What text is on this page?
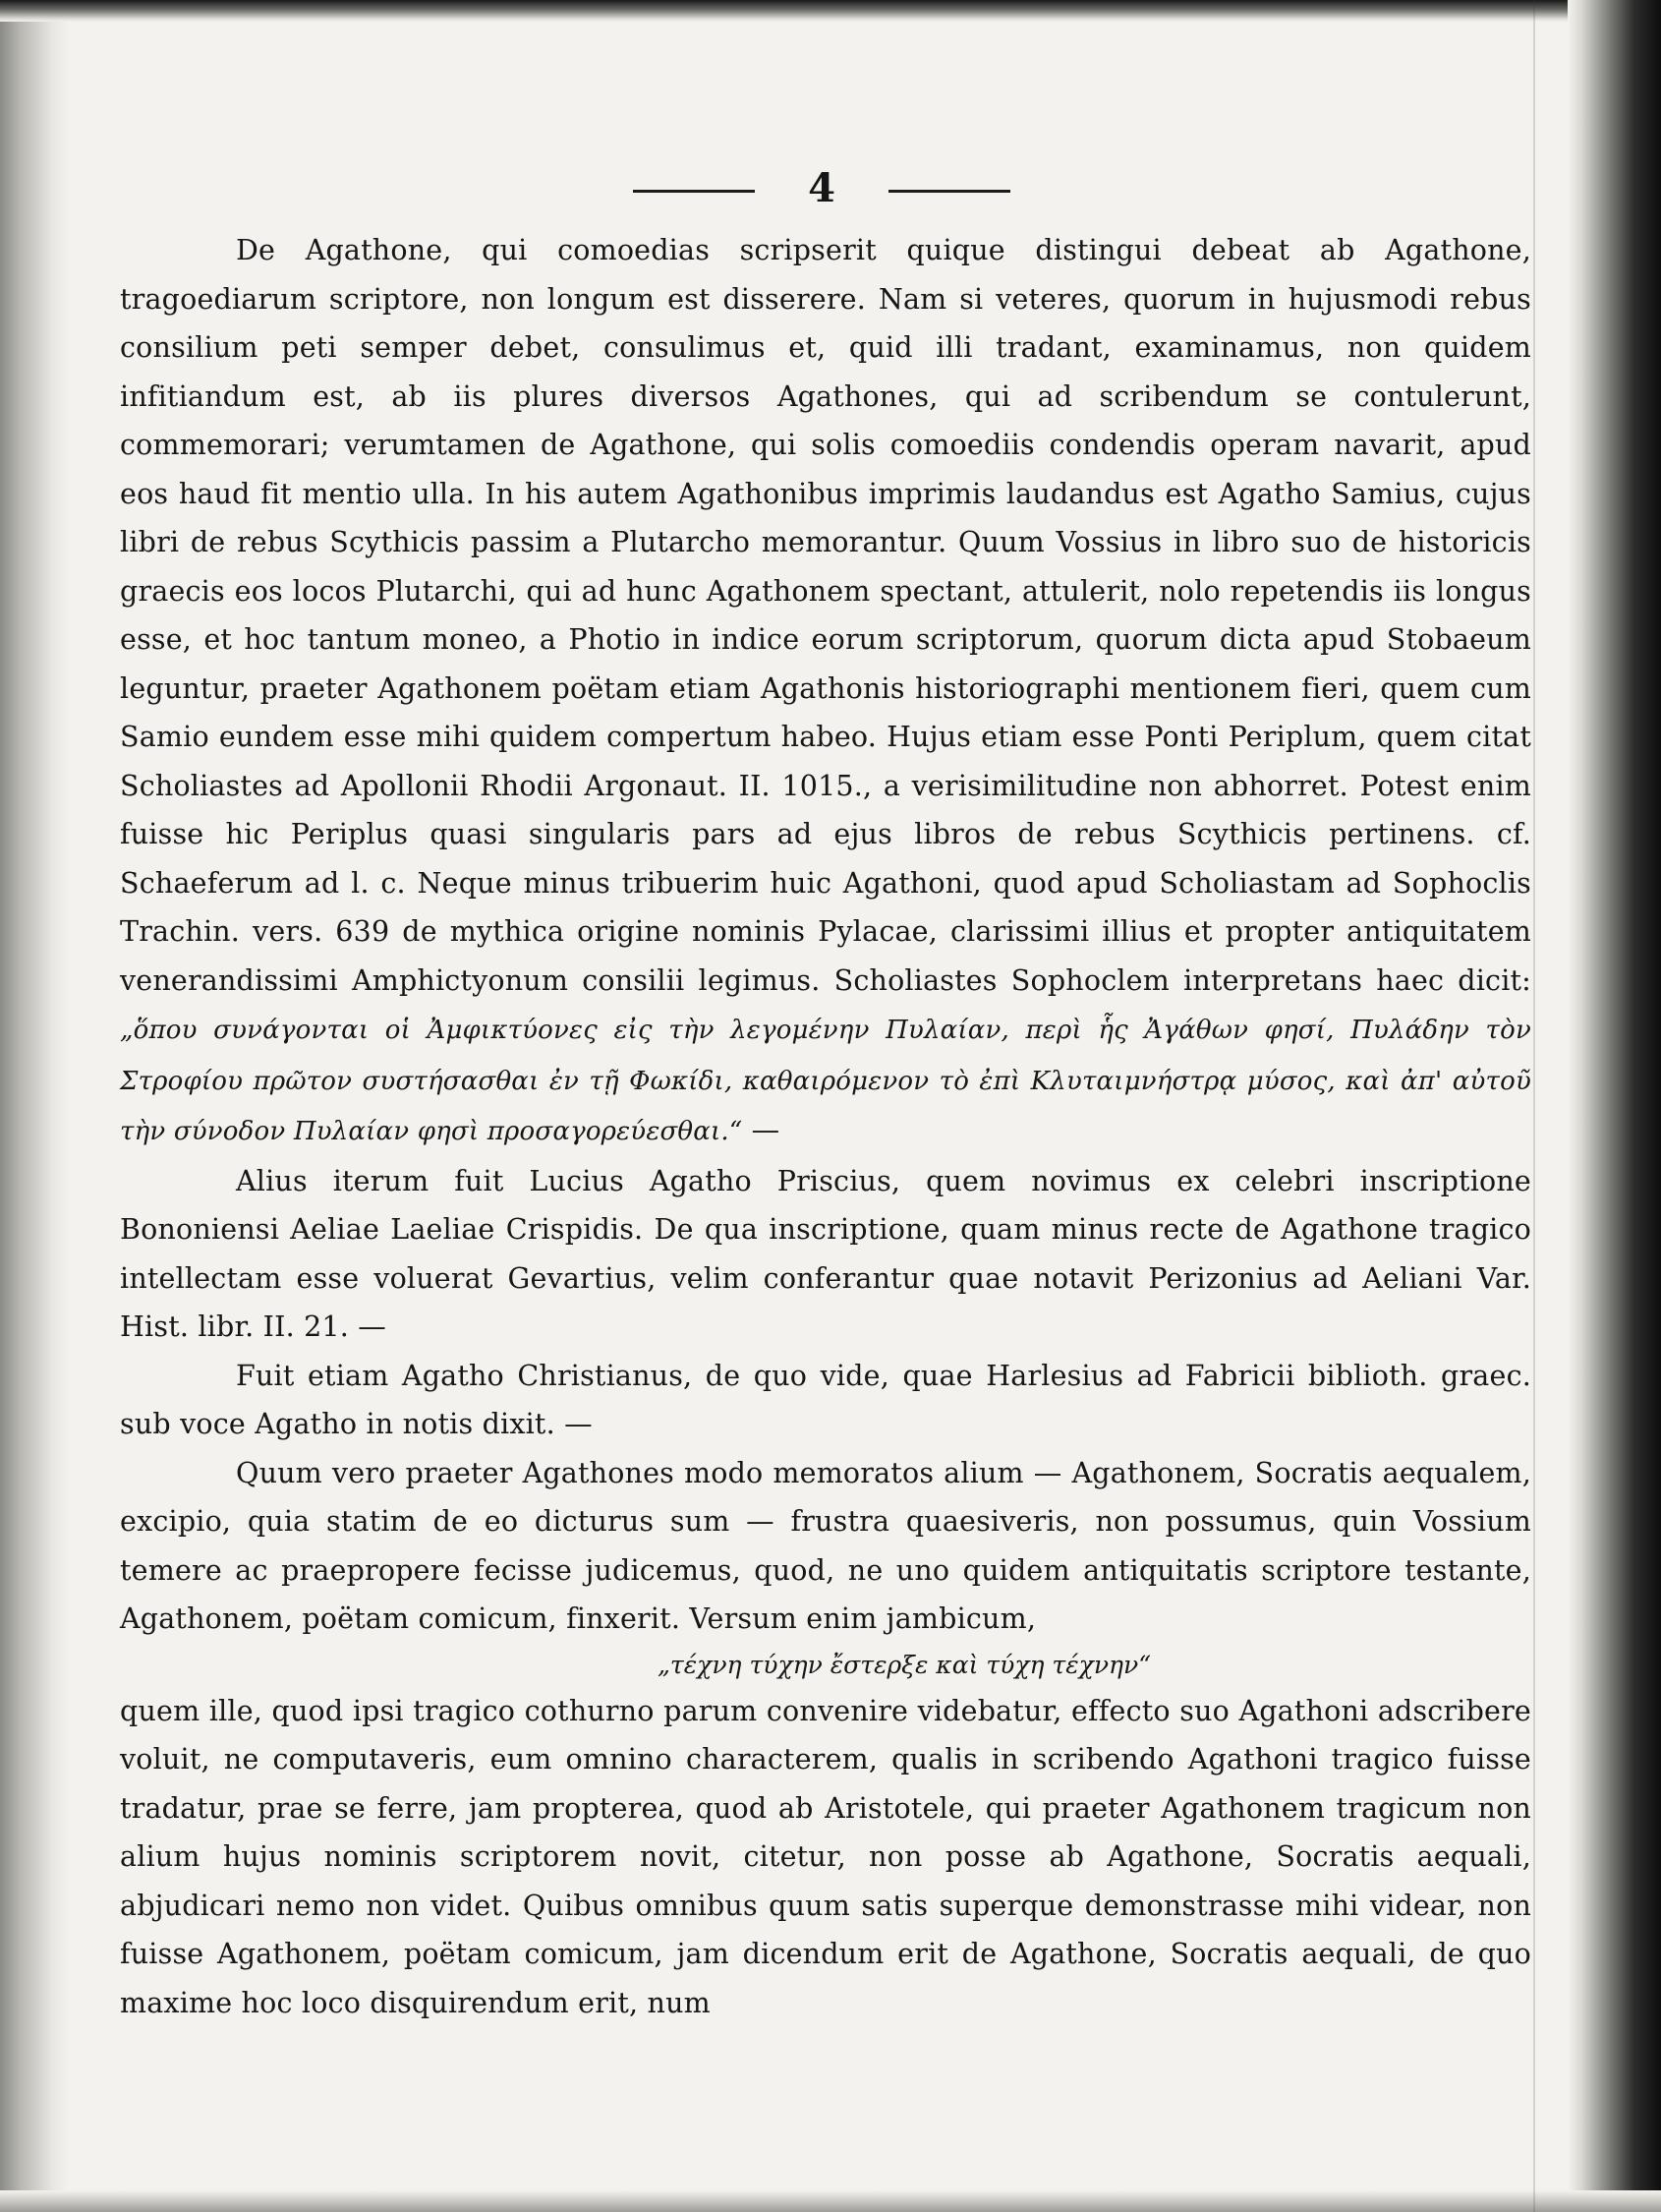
4

De Agathone, qui comoedias scripserit quique distingui debeat ab Agathone, tragoediarum scriptore, non longum est disserere. Nam si veteres, quorum in hujusmodi rebus consilium peti semper debet, consulimus et, quid illi tradant, examinamus, non quidem infitiandum est, ab iis plures diversos Agathones, qui ad scribendum se contulerunt, commemorari; verumtamen de Agathone, qui solis comoediis condendis operam navarit, apud eos haud fit mentio ulla. In his autem Agathonibus imprimis laudandus est Agatho Samius, cujus libri de rebus Scythicis passim a Plutarcho memorantur. Quum Vossius in libro suo de historicis graecis eos locos Plutarchi, qui ad hunc Agathonem spectant, attulerit, nolo repetendis iis longus esse, et hoc tantum moneo, a Photio in indice eorum scriptorum, quorum dicta apud Stobaeum leguntur, praeter Agathonem poëtam etiam Agathonis historiographi mentionem fieri, quem cum Samio eundem esse mihi quidem compertum habeo. Hujus etiam esse Ponti Periplum, quem citat Scholiastes ad Apollonii Rhodii Argonaut. II. 1015., a verisimilitudine non abhorret. Potest enim fuisse hic Periplus quasi singularis pars ad ejus libros de rebus Scythicis pertinens. cf. Schaeferum ad l. c. Neque minus tribuerim huic Agathoni, quod apud Scholiastam ad Sophoclis Trachin. vers. 639 de mythica origine nominis Pylacae, clarissimi illius et propter antiquitatem venerandissimi Amphictyonum consilii legimus. Scholiastes Sophoclem interpretans haec dicit: „ὅπου συνάγονται οἱ Ἀμφικτύονες εἰς τὴν λεγομένην Πυλαίαν, περὶ ἧς Ἀγάθων φησί, Πυλάδην τὸν Στροφίου πρῶτον συστήσασθαι ἐν τῇ Φωκίδι, καθαιρόμενον τὸ ἐπὶ Κλυταιμνήστρᾳ μύσος, καὶ ἀπ' αὐτοῦ τὴν σύνοδον Πυλαίαν φησὶ προσαγορεύεσθαι.“ —

Alius iterum fuit Lucius Agatho Priscius, quem novimus ex celebri inscriptione Bononiensi Aeliae Laeliae Crispidis. De qua inscriptione, quam minus recte de Agathone tragico intellectam esse voluerat Gevartius, velim conferantur quae notavit Perizonius ad Aeliani Var. Hist. libr. II. 21. —

Fuit etiam Agatho Christianus, de quo vide, quae Harlesius ad Fabricii biblioth. graec. sub voce Agatho in notis dixit. —

Quum vero praeter Agathones modo memoratos alium — Agathonem, Socratis aequalem, excipio, quia statim de eo dicturus sum — frustra quaesiveris, non possumus, quin Vossium temere ac praepropere fecisse judicemus, quod, ne uno quidem antiquitatis scriptore testante, Agathonem, poëtam comicum, finxerit. Versum enim jambicum,

„τέχνη τύχην ἔστερξε καὶ τύχη τέχνην“

quem ille, quod ipsi tragico cothurno parum convenire videbatur, effecto suo Agathoni adscribere voluit, ne computaveris, eum omnino characterem, qualis in scribendo Agathoni tragico fuisse tradatur, prae se ferre, jam propterea, quod ab Aristotele, qui praeter Agathonem tragicum non alium hujus nominis scriptorem novit, citetur, non posse ab Agathone, Socratis aequali, abjudicari nemo non videt. Quibus omnibus quum satis superque demonstrasse mihi videar, non fuisse Agathonem, poëtam comicum, jam dicendum erit de Agathone, Socratis aequali, de quo maxime hoc loco disquirendum erit, num
